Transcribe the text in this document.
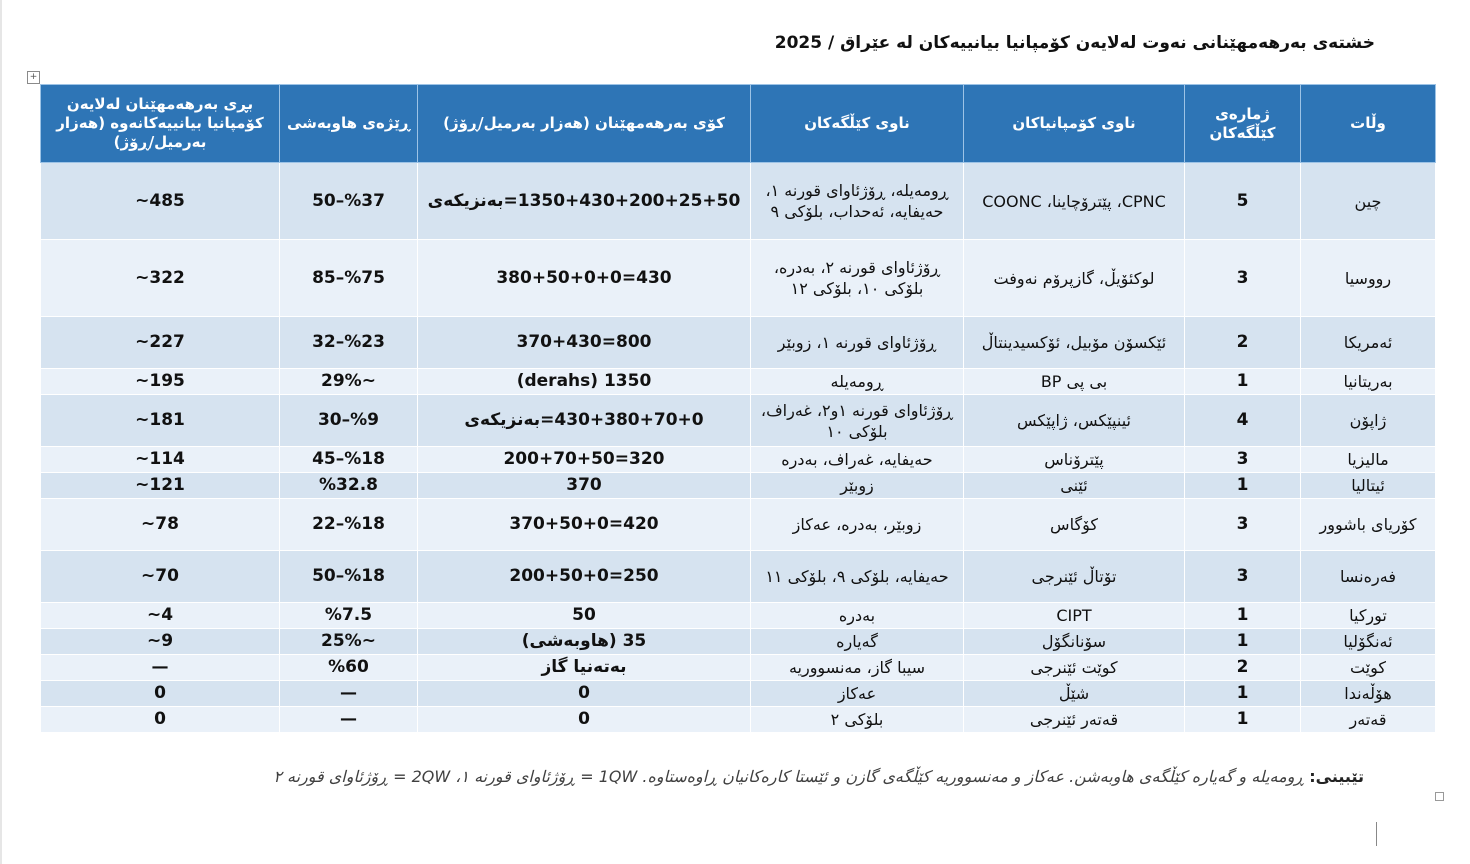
خشتەی بەرهەمهێنانی نەوت لەلایەن کۆمپانیا بیانییەکان لە عێراق / 2025
+
وڵات	ژمارەی کێڵگەکان	ناوی کۆمپانیاکان	ناوی کێڵگەکان	کۆی بەرهەمهێنان (هەزار بەرمیل/ڕۆژ)	ڕێژەی هاوبەشی	بڕی بەرهەمهێنان لەلایەن کۆمپانیا بیانییەکانەوە (هەزار بەرمیل/ڕۆژ)
چین	5	CPNC، پێترۆچاینا، COONC	ڕومەیلە، ڕۆژئاوای قورنە ۱، حەیفایە، ئەحداب، بلۆکی ۹	1350+430+200+25+50=بەنزیکەی	%37–50	485~
رووسیا	3	لوکئۆیڵ، گازپرۆم نەوفت	ڕۆژئاوای قورنە ۲، بەدرە، بلۆکی ۱۰، بلۆکی ۱۲	430=380+50+0+0	%75–85	322~
ئەمریکا	2	ئێکسۆن مۆبیل، ئۆکسیدینتاڵ	ڕۆژئاوای قورنە ۱، زوبێر	800=370+430	%23–32	227~
بەریتانیا	1	بی پی BP	ڕومەیلە	1350 (derahs)	~29%	195~
ژاپۆن	4	ئینپێکس، ژاپێکس	ڕۆژئاوای قورنە ۱و۲، غەراف، بلۆکی ۱۰	430+380+70+0=بەنزیکەی	%9–30	181~
مالیزیا	3	پێترۆناس	حەیفایە، غەراف، بەدرە	320=200+70+50	%18–45	114~
ئیتالیا	1	ئێنی	زوبێر	370	%32.8	121~
کۆریای باشوور	3	کۆگاس	زوبێر، بەدرە، عەکاز	420=370+50+0	%18–22	78~
فەرەنسا	3	تۆتاڵ ئێنرجی	حەیفایە، بلۆکی ۹، بلۆکی ۱۱	250=200+50+0	%18–50	70~
تورکیا	1	CIPT	بەدرە	50	%7.5	4~
ئەنگۆلیا	1	سۆنانگۆل	گەیارە	35 (هاوبەشی)	~25%	9~
کوێت	2	کوێت ئێنرجی	سیبا گاز، مەنسووریە	بەتەنیا گاز	%60	—
هۆڵەندا	1	شێڵ	عەکاز	0	—	0
قەتەر	1	قەتەر ئێنرجی	بلۆکی ۲	0	—	0
تێبینی: ڕومەیلە و گەیارە کێڵگەی هاوبەشن. عەکاز و مەنسووریە کێڵگەی گازن و ئێستا کارەکانیان ڕاوەستاوە. 1QW = ڕۆژئاوای قورنە ۱، 2QW = ڕۆژئاوای قورنە ۲
